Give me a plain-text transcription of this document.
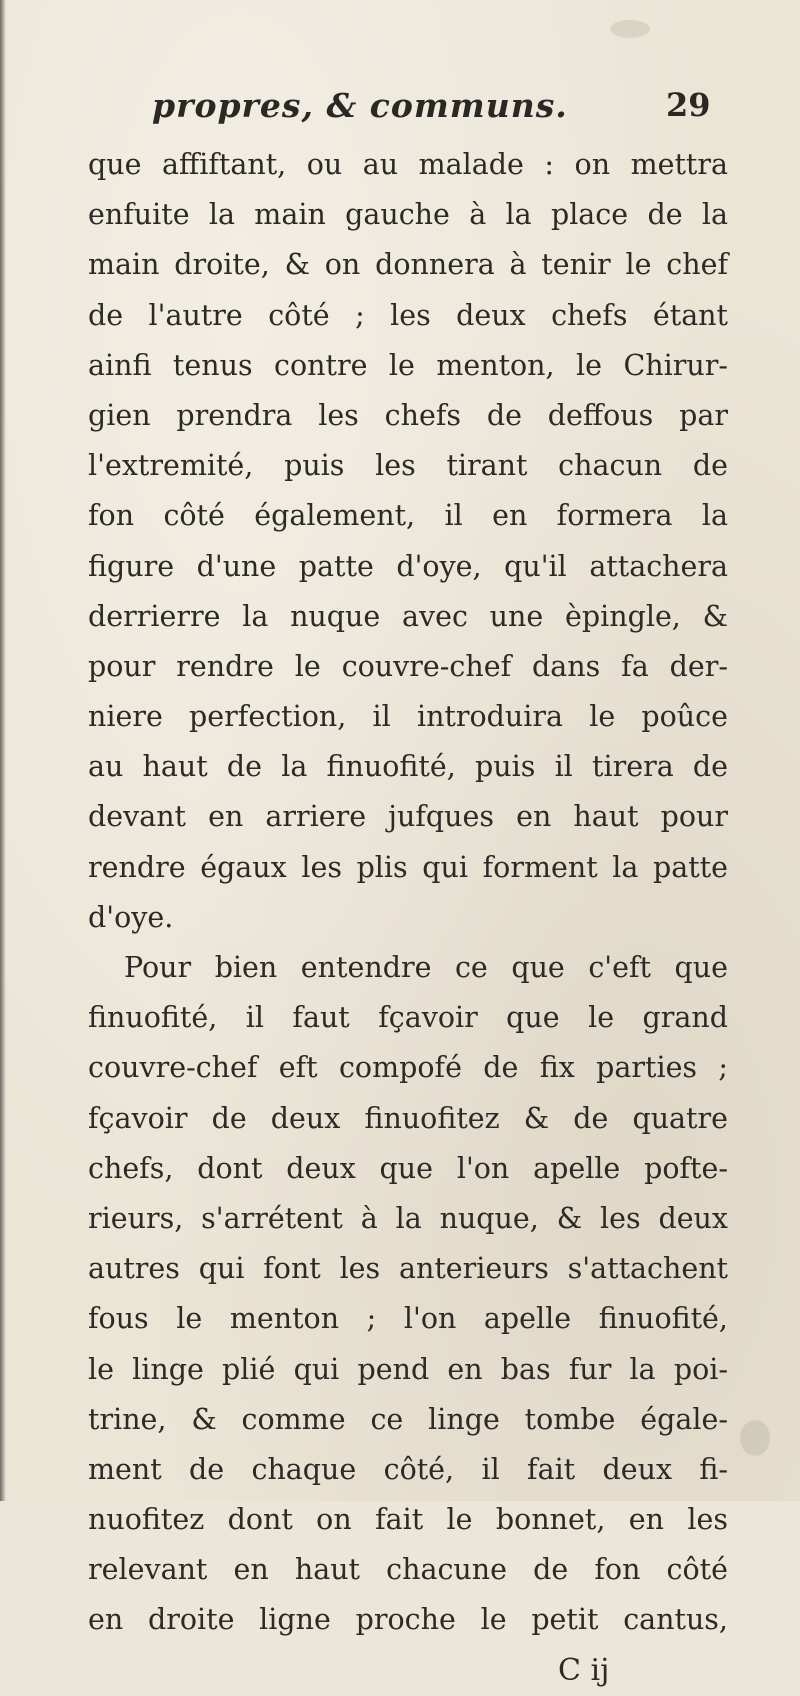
propres, & communs.	29
que affiftant, ou au malade : on mettra
enfuite la main gauche à la place de la
main droite, & on donnera à tenir le chef
de l'autre côté ; les deux chefs étant
ainfi tenus contre le menton, le Chirur-
gien prendra les chefs de deffous par
l'extremité, puis les tirant chacun de
fon côté également, il en formera la
figure d'une patte d'oye, qu'il attachera
derrierre la nuque avec une èpingle, &
pour rendre le couvre-chef dans fa der-
niere perfection, il introduira le poûce
au haut de la finuofité, puis il tirera de
devant en arriere jufques en haut pour
rendre égaux les plis qui forment la patte
d'oye.
Pour bien entendre ce que c'eft que
finuofité, il faut fçavoir que le grand
couvre-chef eft compofé de fix parties ;
fçavoir de deux finuofitez & de quatre
chefs, dont deux que l'on apelle pofte-
rieurs, s'arrétent à la nuque, & les deux
autres qui font les anterieurs s'attachent
fous le menton ; l'on apelle finuofité,
le linge plié qui pend en bas fur la poi-
trine, & comme ce linge tombe égale-
ment de chaque côté, il fait deux fi-
nuofitez dont on fait le bonnet, en les
relevant en haut chacune de fon côté
en droite ligne proche le petit cantus,
C ij
